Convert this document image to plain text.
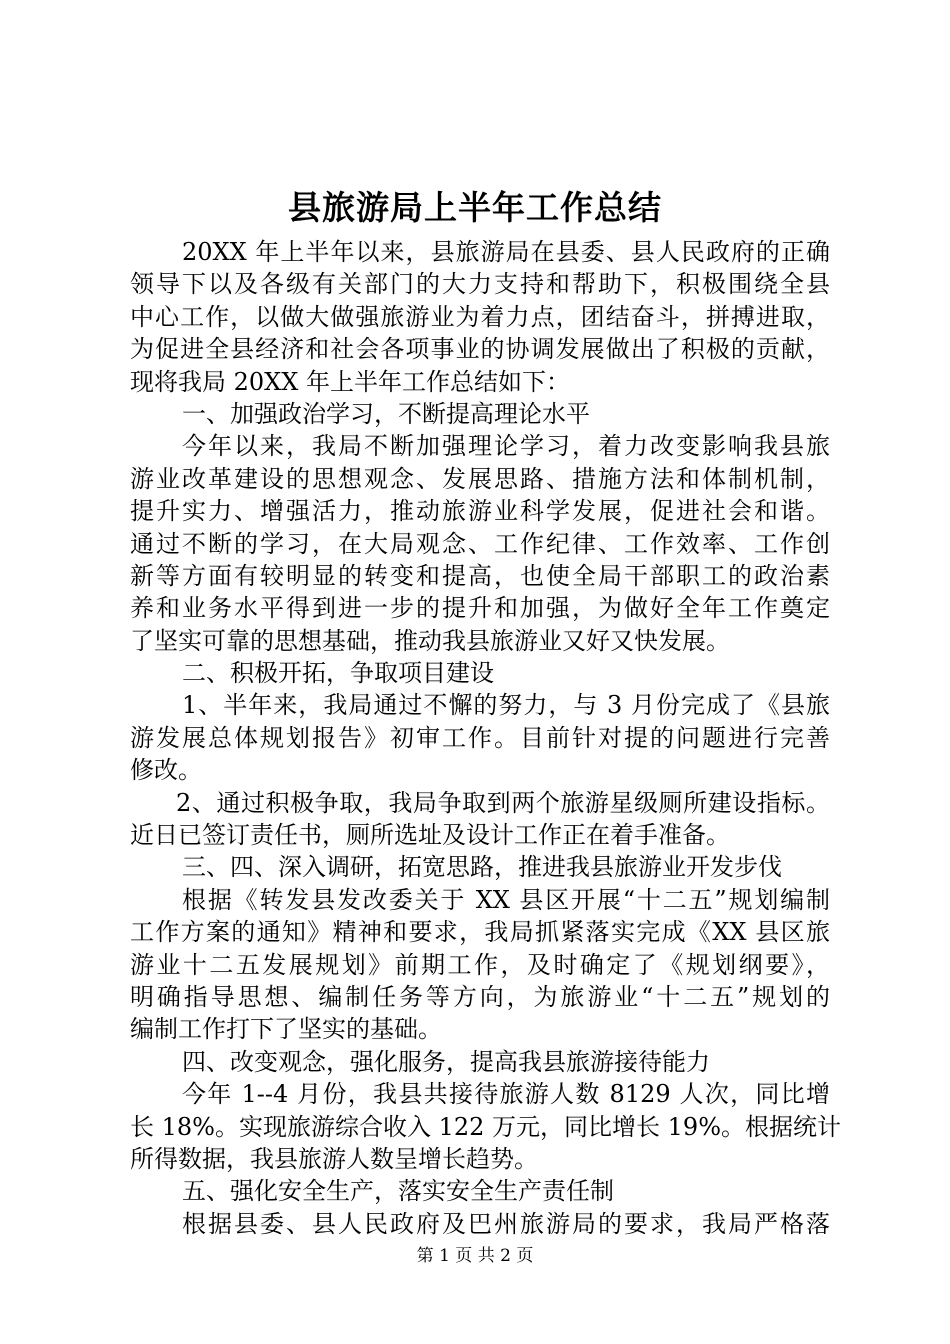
县旅游局上半年工作总结
20XX 年上半年以来，县旅游局在县委、县人民政府的正确
领导下以及各级有关部门的大力支持和帮助下，积极围绕全县
中心工作，以做大做强旅游业为着力点，团结奋斗，拼搏进取，
为促进全县经济和社会各项事业的协调发展做出了积极的贡献，
现将我局 20XX 年上半年工作总结如下：
一、加强政治学习，不断提高理论水平
今年以来，我局不断加强理论学习，着力改变影响我县旅
游业改革建设的思想观念、发展思路、措施方法和体制机制，
提升实力、增强活力，推动旅游业科学发展，促进社会和谐。
通过不断的学习，在大局观念、工作纪律、工作效率、工作创
新等方面有较明显的转变和提高，也使全局干部职工的政治素
养和业务水平得到进一步的提升和加强，为做好全年工作奠定
了坚实可靠的思想基础，推动我县旅游业又好又快发展。
二、积极开拓，争取项目建设
1、半年来，我局通过不懈的努力，与 3 月份完成了《县旅
游发展总体规划报告》初审工作。目前针对提的问题进行完善
修改。
2、通过积极争取，我局争取到两个旅游星级厕所建设指标。
近日已签订责任书，厕所选址及设计工作正在着手准备。
三、四、深入调研，拓宽思路，推进我县旅游业开发步伐
根据《转发县发改委关于 XX 县区开展“十二五”规划编制
工作方案的通知》精神和要求，我局抓紧落实完成《XX 县区旅
游业十二五发展规划》前期工作，及时确定了《规划纲要》，
明确指导思想、编制任务等方向，为旅游业“十二五”规划的
编制工作打下了坚实的基础。
四、改变观念，强化服务，提高我县旅游接待能力
今年 1--4 月份，我县共接待旅游人数 8129 人次，同比增
长 18%。实现旅游综合收入 122 万元，同比增长 19%。根据统计
所得数据，我县旅游人数呈增长趋势。
五、强化安全生产，落实安全生产责任制
根据县委、县人民政府及巴州旅游局的要求，我局严格落
第 1 页 共 2 页
